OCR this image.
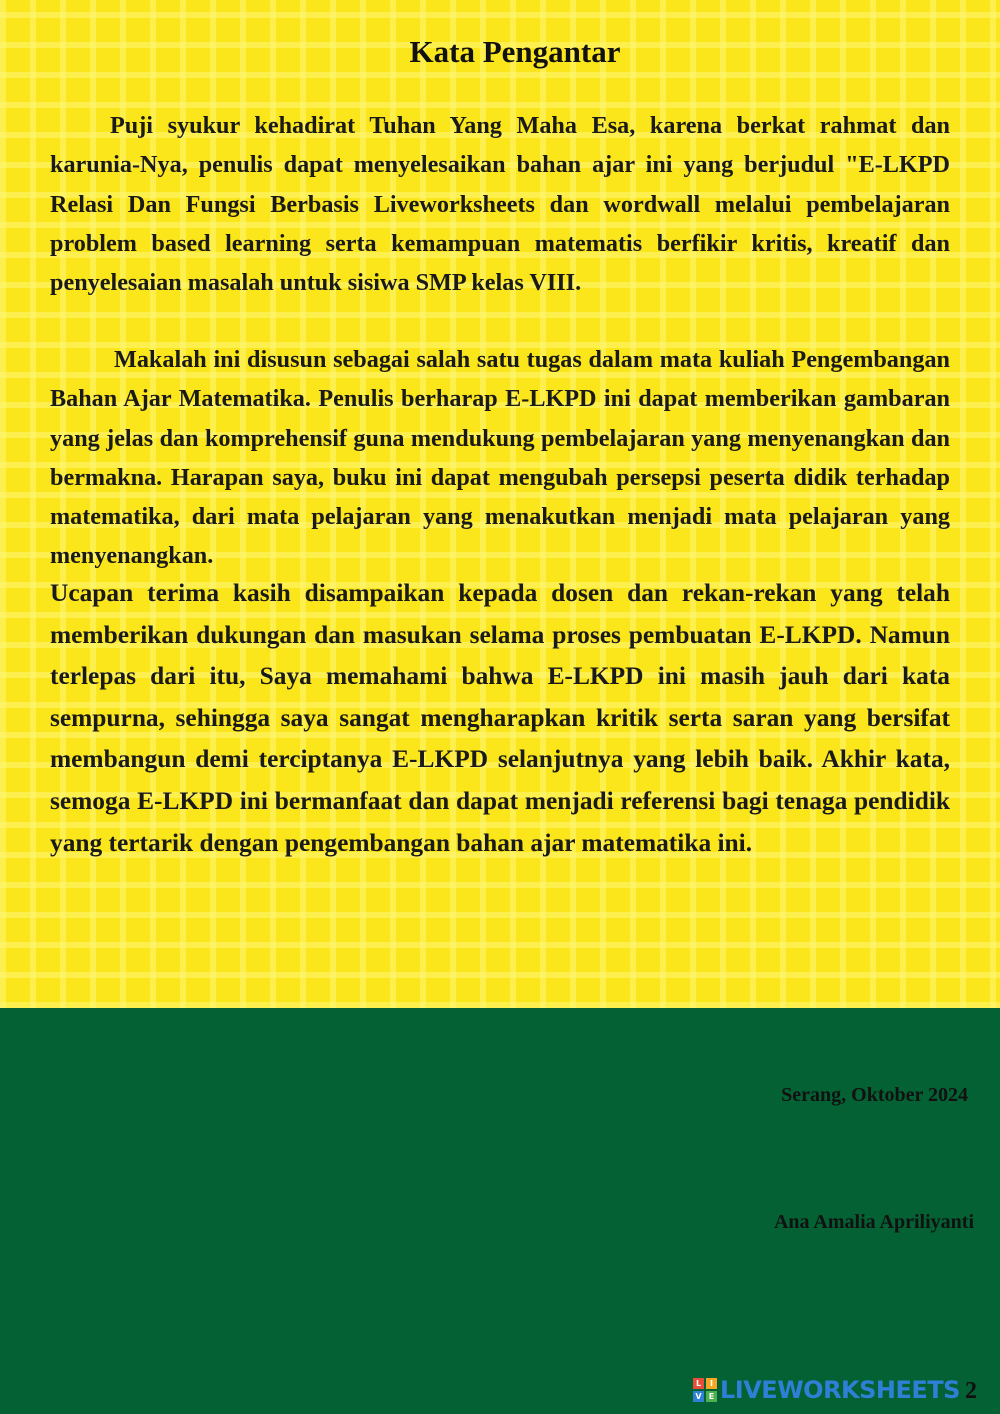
Kata Pengantar

Puji syukur kehadirat Tuhan Yang Maha Esa, karena berkat rahmat dan karunia-Nya, penulis dapat menyelesaikan bahan ajar ini yang berjudul "E-LKPD Relasi Dan Fungsi Berbasis Liveworksheets dan wordwall melalui pembelajaran problem based learning serta kemampuan matematis berfikir kritis, kreatif dan penyelesaian masalah untuk sisiwa SMP kelas VIII.

Makalah ini disusun sebagai salah satu tugas dalam mata kuliah Pengembangan Bahan Ajar Matematika. Penulis berharap E-LKPD ini dapat memberikan gambaran yang jelas dan komprehensif guna mendukung pembelajaran yang menyenangkan dan bermakna. Harapan saya, buku ini dapat mengubah persepsi peserta didik terhadap matematika, dari mata pelajaran yang menakutkan menjadi mata pelajaran yang menyenangkan.

Ucapan terima kasih disampaikan kepada dosen dan rekan-rekan yang telah memberikan dukungan dan masukan selama proses pembuatan E-LKPD. Namun terlepas dari itu, Saya memahami bahwa E-LKPD ini masih jauh dari kata sempurna, sehingga saya sangat mengharapkan kritik serta saran yang bersifat membangun demi terciptanya E-LKPD selanjutnya yang lebih baik. Akhir kata, semoga E-LKPD ini bermanfaat dan dapat menjadi referensi bagi tenaga pendidik yang tertarik dengan pengembangan bahan ajar matematika ini.

Serang, Oktober 2024

Ana Amalia Apriliyanti

L	I
V E LIVEWORKSHEETS 2
